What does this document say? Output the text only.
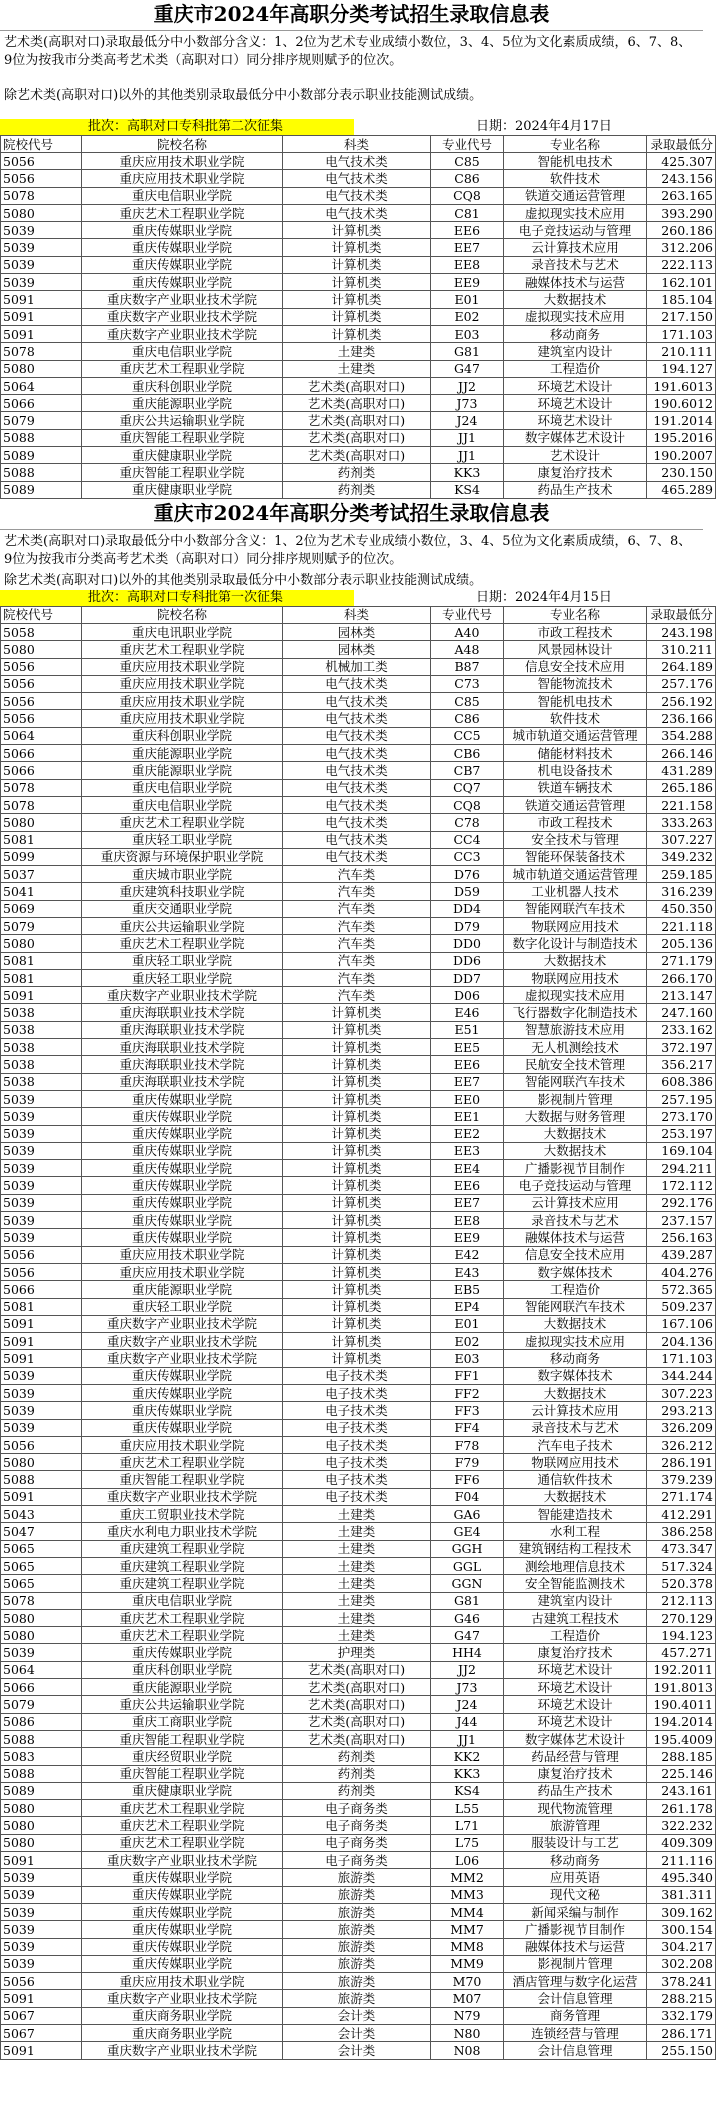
重庆市2024年高职分类考试招生录取信息表
艺术类(高职对口)录取最低分中小数部分含义：1、2位为艺术专业成绩小数位，3、4、5位为文化素质成绩，6、7、8、9位为按我市分类高考艺术类（高职对口）同分排序规则赋予的位次。
除艺术类(高职对口)以外的其他类别录取最低分中小数部分表示职业技能测试成绩。
批次：高职对口专科批第二次征集	日期：2024年4月17日
院校代号	院校名称	科类	专业代号	专业名称	录取最低分
5056	重庆应用技术职业学院	电气技术类	C85	智能机电技术	425.307
5056	重庆应用技术职业学院	电气技术类	C86	软件技术	243.156
5078	重庆电信职业学院	电气技术类	CQ8	铁道交通运营管理	263.165
5080	重庆艺术工程职业学院	电气技术类	C81	虚拟现实技术应用	393.290
5039	重庆传媒职业学院	计算机类	EE6	电子竞技运动与管理	260.186
5039	重庆传媒职业学院	计算机类	EE7	云计算技术应用	312.206
5039	重庆传媒职业学院	计算机类	EE8	录音技术与艺术	222.113
5039	重庆传媒职业学院	计算机类	EE9	融媒体技术与运营	162.101
5091	重庆数字产业职业技术学院	计算机类	E01	大数据技术	185.104
5091	重庆数字产业职业技术学院	计算机类	E02	虚拟现实技术应用	217.150
5091	重庆数字产业职业技术学院	计算机类	E03	移动商务	171.103
5078	重庆电信职业学院	土建类	G81	建筑室内设计	210.111
5080	重庆艺术工程职业学院	土建类	G47	工程造价	194.127
5064	重庆科创职业学院	艺术类(高职对口)	JJ2	环境艺术设计	191.6013
5066	重庆能源职业学院	艺术类(高职对口)	J73	环境艺术设计	190.6012
5079	重庆公共运输职业学院	艺术类(高职对口)	J24	环境艺术设计	191.2014
5088	重庆智能工程职业学院	艺术类(高职对口)	JJ1	数字媒体艺术设计	195.2016
5089	重庆健康职业学院	艺术类(高职对口)	JJ1	艺术设计	190.2007
5088	重庆智能工程职业学院	药剂类	KK3	康复治疗技术	230.150
5089	重庆健康职业学院	药剂类	KS4	药品生产技术	465.289
重庆市2024年高职分类考试招生录取信息表
艺术类(高职对口)录取最低分中小数部分含义：1、2位为艺术专业成绩小数位，3、4、5位为文化素质成绩，6、7、8、9位为按我市分类高考艺术类（高职对口）同分排序规则赋予的位次。
除艺术类(高职对口)以外的其他类别录取最低分中小数部分表示职业技能测试成绩。
批次：高职对口专科批第一次征集	日期：2024年4月15日
院校代号	院校名称	科类	专业代号	专业名称	录取最低分
5058	重庆电讯职业学院	园林类	A40	市政工程技术	243.198
5080	重庆艺术工程职业学院	园林类	A48	风景园林设计	310.211
5056	重庆应用技术职业学院	机械加工类	B87	信息安全技术应用	264.189
5056	重庆应用技术职业学院	电气技术类	C73	智能物流技术	257.176
5056	重庆应用技术职业学院	电气技术类	C85	智能机电技术	256.192
5056	重庆应用技术职业学院	电气技术类	C86	软件技术	236.166
5064	重庆科创职业学院	电气技术类	CC5	城市轨道交通运营管理	354.288
5066	重庆能源职业学院	电气技术类	CB6	储能材料技术	266.146
5066	重庆能源职业学院	电气技术类	CB7	机电设备技术	431.289
5078	重庆电信职业学院	电气技术类	CQ7	铁道车辆技术	265.186
5078	重庆电信职业学院	电气技术类	CQ8	铁道交通运营管理	221.158
5080	重庆艺术工程职业学院	电气技术类	C78	市政工程技术	333.263
5081	重庆轻工职业学院	电气技术类	CC4	安全技术与管理	307.227
5099	重庆资源与环境保护职业学院	电气技术类	CC3	智能环保装备技术	349.232
5037	重庆城市职业学院	汽车类	D76	城市轨道交通运营管理	259.185
5041	重庆建筑科技职业学院	汽车类	D59	工业机器人技术	316.239
5069	重庆交通职业学院	汽车类	DD4	智能网联汽车技术	450.350
5079	重庆公共运输职业学院	汽车类	D79	物联网应用技术	221.118
5080	重庆艺术工程职业学院	汽车类	DD0	数字化设计与制造技术	205.136
5081	重庆轻工职业学院	汽车类	DD6	大数据技术	271.179
5081	重庆轻工职业学院	汽车类	DD7	物联网应用技术	266.170
5091	重庆数字产业职业技术学院	汽车类	D06	虚拟现实技术应用	213.147
5038	重庆海联职业技术学院	计算机类	E46	飞行器数字化制造技术	247.160
5038	重庆海联职业技术学院	计算机类	E51	智慧旅游技术应用	233.162
5038	重庆海联职业技术学院	计算机类	EE5	无人机测绘技术	372.197
5038	重庆海联职业技术学院	计算机类	EE6	民航安全技术管理	356.217
5038	重庆海联职业技术学院	计算机类	EE7	智能网联汽车技术	608.386
5039	重庆传媒职业学院	计算机类	EE0	影视制片管理	257.195
5039	重庆传媒职业学院	计算机类	EE1	大数据与财务管理	273.170
5039	重庆传媒职业学院	计算机类	EE2	大数据技术	253.197
5039	重庆传媒职业学院	计算机类	EE3	大数据技术	169.104
5039	重庆传媒职业学院	计算机类	EE4	广播影视节目制作	294.211
5039	重庆传媒职业学院	计算机类	EE6	电子竞技运动与管理	172.112
5039	重庆传媒职业学院	计算机类	EE7	云计算技术应用	292.176
5039	重庆传媒职业学院	计算机类	EE8	录音技术与艺术	237.157
5039	重庆传媒职业学院	计算机类	EE9	融媒体技术与运营	256.163
5056	重庆应用技术职业学院	计算机类	E42	信息安全技术应用	439.287
5056	重庆应用技术职业学院	计算机类	E43	数字媒体技术	404.276
5066	重庆能源职业学院	计算机类	EB5	工程造价	572.365
5081	重庆轻工职业学院	计算机类	EP4	智能网联汽车技术	509.237
5091	重庆数字产业职业技术学院	计算机类	E01	大数据技术	167.106
5091	重庆数字产业职业技术学院	计算机类	E02	虚拟现实技术应用	204.136
5091	重庆数字产业职业技术学院	计算机类	E03	移动商务	171.103
5039	重庆传媒职业学院	电子技术类	FF1	数字媒体技术	344.244
5039	重庆传媒职业学院	电子技术类	FF2	大数据技术	307.223
5039	重庆传媒职业学院	电子技术类	FF3	云计算技术应用	293.213
5039	重庆传媒职业学院	电子技术类	FF4	录音技术与艺术	326.209
5056	重庆应用技术职业学院	电子技术类	F78	汽车电子技术	326.212
5080	重庆艺术工程职业学院	电子技术类	F79	物联网应用技术	286.191
5088	重庆智能工程职业学院	电子技术类	FF6	通信软件技术	379.239
5091	重庆数字产业职业技术学院	电子技术类	F04	大数据技术	271.174
5043	重庆工贸职业技术学院	土建类	GA6	智能建造技术	412.291
5047	重庆水利电力职业技术学院	土建类	GE4	水利工程	386.258
5065	重庆建筑工程职业学院	土建类	GGH	建筑钢结构工程技术	473.347
5065	重庆建筑工程职业学院	土建类	GGL	测绘地理信息技术	517.324
5065	重庆建筑工程职业学院	土建类	GGN	安全智能监测技术	520.378
5078	重庆电信职业学院	土建类	G81	建筑室内设计	212.113
5080	重庆艺术工程职业学院	土建类	G46	古建筑工程技术	270.129
5080	重庆艺术工程职业学院	土建类	G47	工程造价	194.123
5039	重庆传媒职业学院	护理类	HH4	康复治疗技术	457.271
5064	重庆科创职业学院	艺术类(高职对口)	JJ2	环境艺术设计	192.2011
5066	重庆能源职业学院	艺术类(高职对口)	J73	环境艺术设计	191.8013
5079	重庆公共运输职业学院	艺术类(高职对口)	J24	环境艺术设计	190.4011
5086	重庆工商职业学院	艺术类(高职对口)	J44	环境艺术设计	194.2014
5088	重庆智能工程职业学院	艺术类(高职对口)	JJ1	数字媒体艺术设计	195.4009
5083	重庆经贸职业学院	药剂类	KK2	药品经营与管理	288.185
5088	重庆智能工程职业学院	药剂类	KK3	康复治疗技术	225.146
5089	重庆健康职业学院	药剂类	KS4	药品生产技术	243.161
5080	重庆艺术工程职业学院	电子商务类	L55	现代物流管理	261.178
5080	重庆艺术工程职业学院	电子商务类	L71	旅游管理	322.232
5080	重庆艺术工程职业学院	电子商务类	L75	服装设计与工艺	409.309
5091	重庆数字产业职业技术学院	电子商务类	L06	移动商务	211.116
5039	重庆传媒职业学院	旅游类	MM2	应用英语	495.340
5039	重庆传媒职业学院	旅游类	MM3	现代文秘	381.311
5039	重庆传媒职业学院	旅游类	MM4	新闻采编与制作	309.162
5039	重庆传媒职业学院	旅游类	MM7	广播影视节目制作	300.154
5039	重庆传媒职业学院	旅游类	MM8	融媒体技术与运营	304.217
5039	重庆传媒职业学院	旅游类	MM9	影视制片管理	302.208
5056	重庆应用技术职业学院	旅游类	M70	酒店管理与数字化运营	378.241
5091	重庆数字产业职业技术学院	旅游类	M07	会计信息管理	288.215
5067	重庆商务职业学院	会计类	N79	商务管理	332.179
5067	重庆商务职业学院	会计类	N80	连锁经营与管理	286.171
5091	重庆数字产业职业技术学院	会计类	N08	会计信息管理	255.150
